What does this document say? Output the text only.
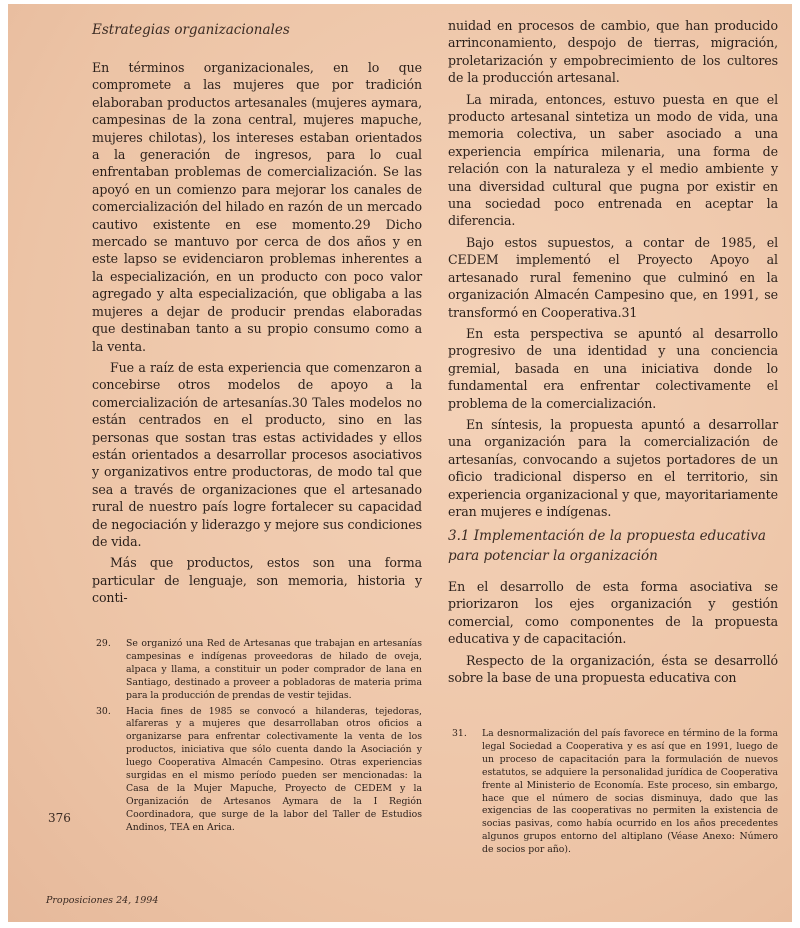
Estrategias organizacionales

En términos organizacionales, en lo que compromete a las mujeres que por tradición elaboraban productos artesanales (mujeres aymara, campesinas de la zona central, mujeres mapuche, mujeres chilotas), los intereses estaban orientados a la generación de ingresos, para lo cual enfrentaban problemas de comercialización. Se las apoyó en un comienzo para mejorar los canales de comercialización del hilado en razón de un mercado cautivo existente en ese momento.29 Dicho mercado se mantuvo por cerca de dos años y en este lapso se evidenciaron problemas inherentes a la especialización, en un producto con poco valor agregado y alta especialización, que obligaba a las mujeres a dejar de producir prendas elaboradas que destinaban tanto a su propio consumo como a la venta.

Fue a raíz de esta experiencia que comenzaron a concebirse otros modelos de apoyo a la comercialización de artesanías.30 Tales modelos no están centrados en el producto, sino en las personas que sostan tras estas actividades y ellos están orientados a desarrollar procesos asociativos y organizativos entre productoras, de modo tal que sea a través de organizaciones que el artesanado rural de nuestro país logre fortalecer su capacidad de negociación y liderazgo y mejore sus condiciones de vida.

Más que productos, estos son una forma particular de lenguaje, son memoria, historia y conti-

nuidad en procesos de cambio, que han producido arrinconamiento, despojo de tierras, migración, proletarización y empobrecimiento de los cultores de la producción artesanal.

La mirada, entonces, estuvo puesta en que el producto artesanal sintetiza un modo de vida, una memoria colectiva, un saber asociado a una experiencia empírica milenaria, una forma de relación con la naturaleza y el medio ambiente y una diversidad cultural que pugna por existir en una sociedad poco entrenada en aceptar la diferencia.

Bajo estos supuestos, a contar de 1985, el CEDEM implementó el Proyecto Apoyo al artesanado rural femenino que culminó en la organización Almacén Campesino que, en 1991, se transformó en Cooperativa.31

En esta perspectiva se apuntó al desarrollo progresivo de una identidad y una conciencia gremial, basada en una iniciativa donde lo fundamental era enfrentar colectivamente el problema de la comercialización.

En síntesis, la propuesta apuntó a desarrollar una organización para la comercialización de artesanías, convocando a sujetos portadores de un oficio tradicional disperso en el territorio, sin experiencia organizacional y que, mayoritariamente eran mujeres e indígenas.

3.1 Implementación de la propuesta educativa para potenciar la organización

En el desarrollo de esta forma asociativa se priorizaron los ejes organización y gestión comercial, como componentes de la propuesta educativa y de capacitación.

Respecto de la organización, ésta se desarrolló sobre la base de una propuesta educativa con

29. Se organizó una Red de Artesanas que trabajan en artesanías campesinas e indígenas proveedoras de hilado de oveja, alpaca y llama, a constituir un poder comprador de lana en Santiago, destinado a proveer a pobladoras de materia prima para la producción de prendas de vestir tejidas.
30. Hacia fines de 1985 se convocó a hilanderas, tejedoras, alfareras y a mujeres que desarrollaban otros oficios a organizarse para enfrentar colectivamente la venta de los productos, iniciativa que sólo cuenta dando la Asociación y luego Cooperativa Almacén Campesino. Otras experiencias surgidas en el mismo período pueden ser mencionadas: la Casa de la Mujer Mapuche, Proyecto de CEDEM y la Organización de Artesanos Aymara de la I Región Coordinadora, que surge de la labor del Taller de Estudios Andinos, TEA en Arica.
31. La desnormalización del país favorece en término de la forma legal Sociedad a Cooperativa y es así que en 1991, luego de un proceso de capacitación para la formulación de nuevos estatutos, se adquiere la personalidad jurídica de Cooperativa frente al Ministerio de Economía. Este proceso, sin embargo, hace que el número de socias disminuya, dado que las exigencias de las cooperativas no permiten la existencia de socias pasivas, como había ocurrido en los años precedentes algunos grupos entorno del altiplano (Véase Anexo: Número de socios por año).
376
Proposiciones 24, 1994
